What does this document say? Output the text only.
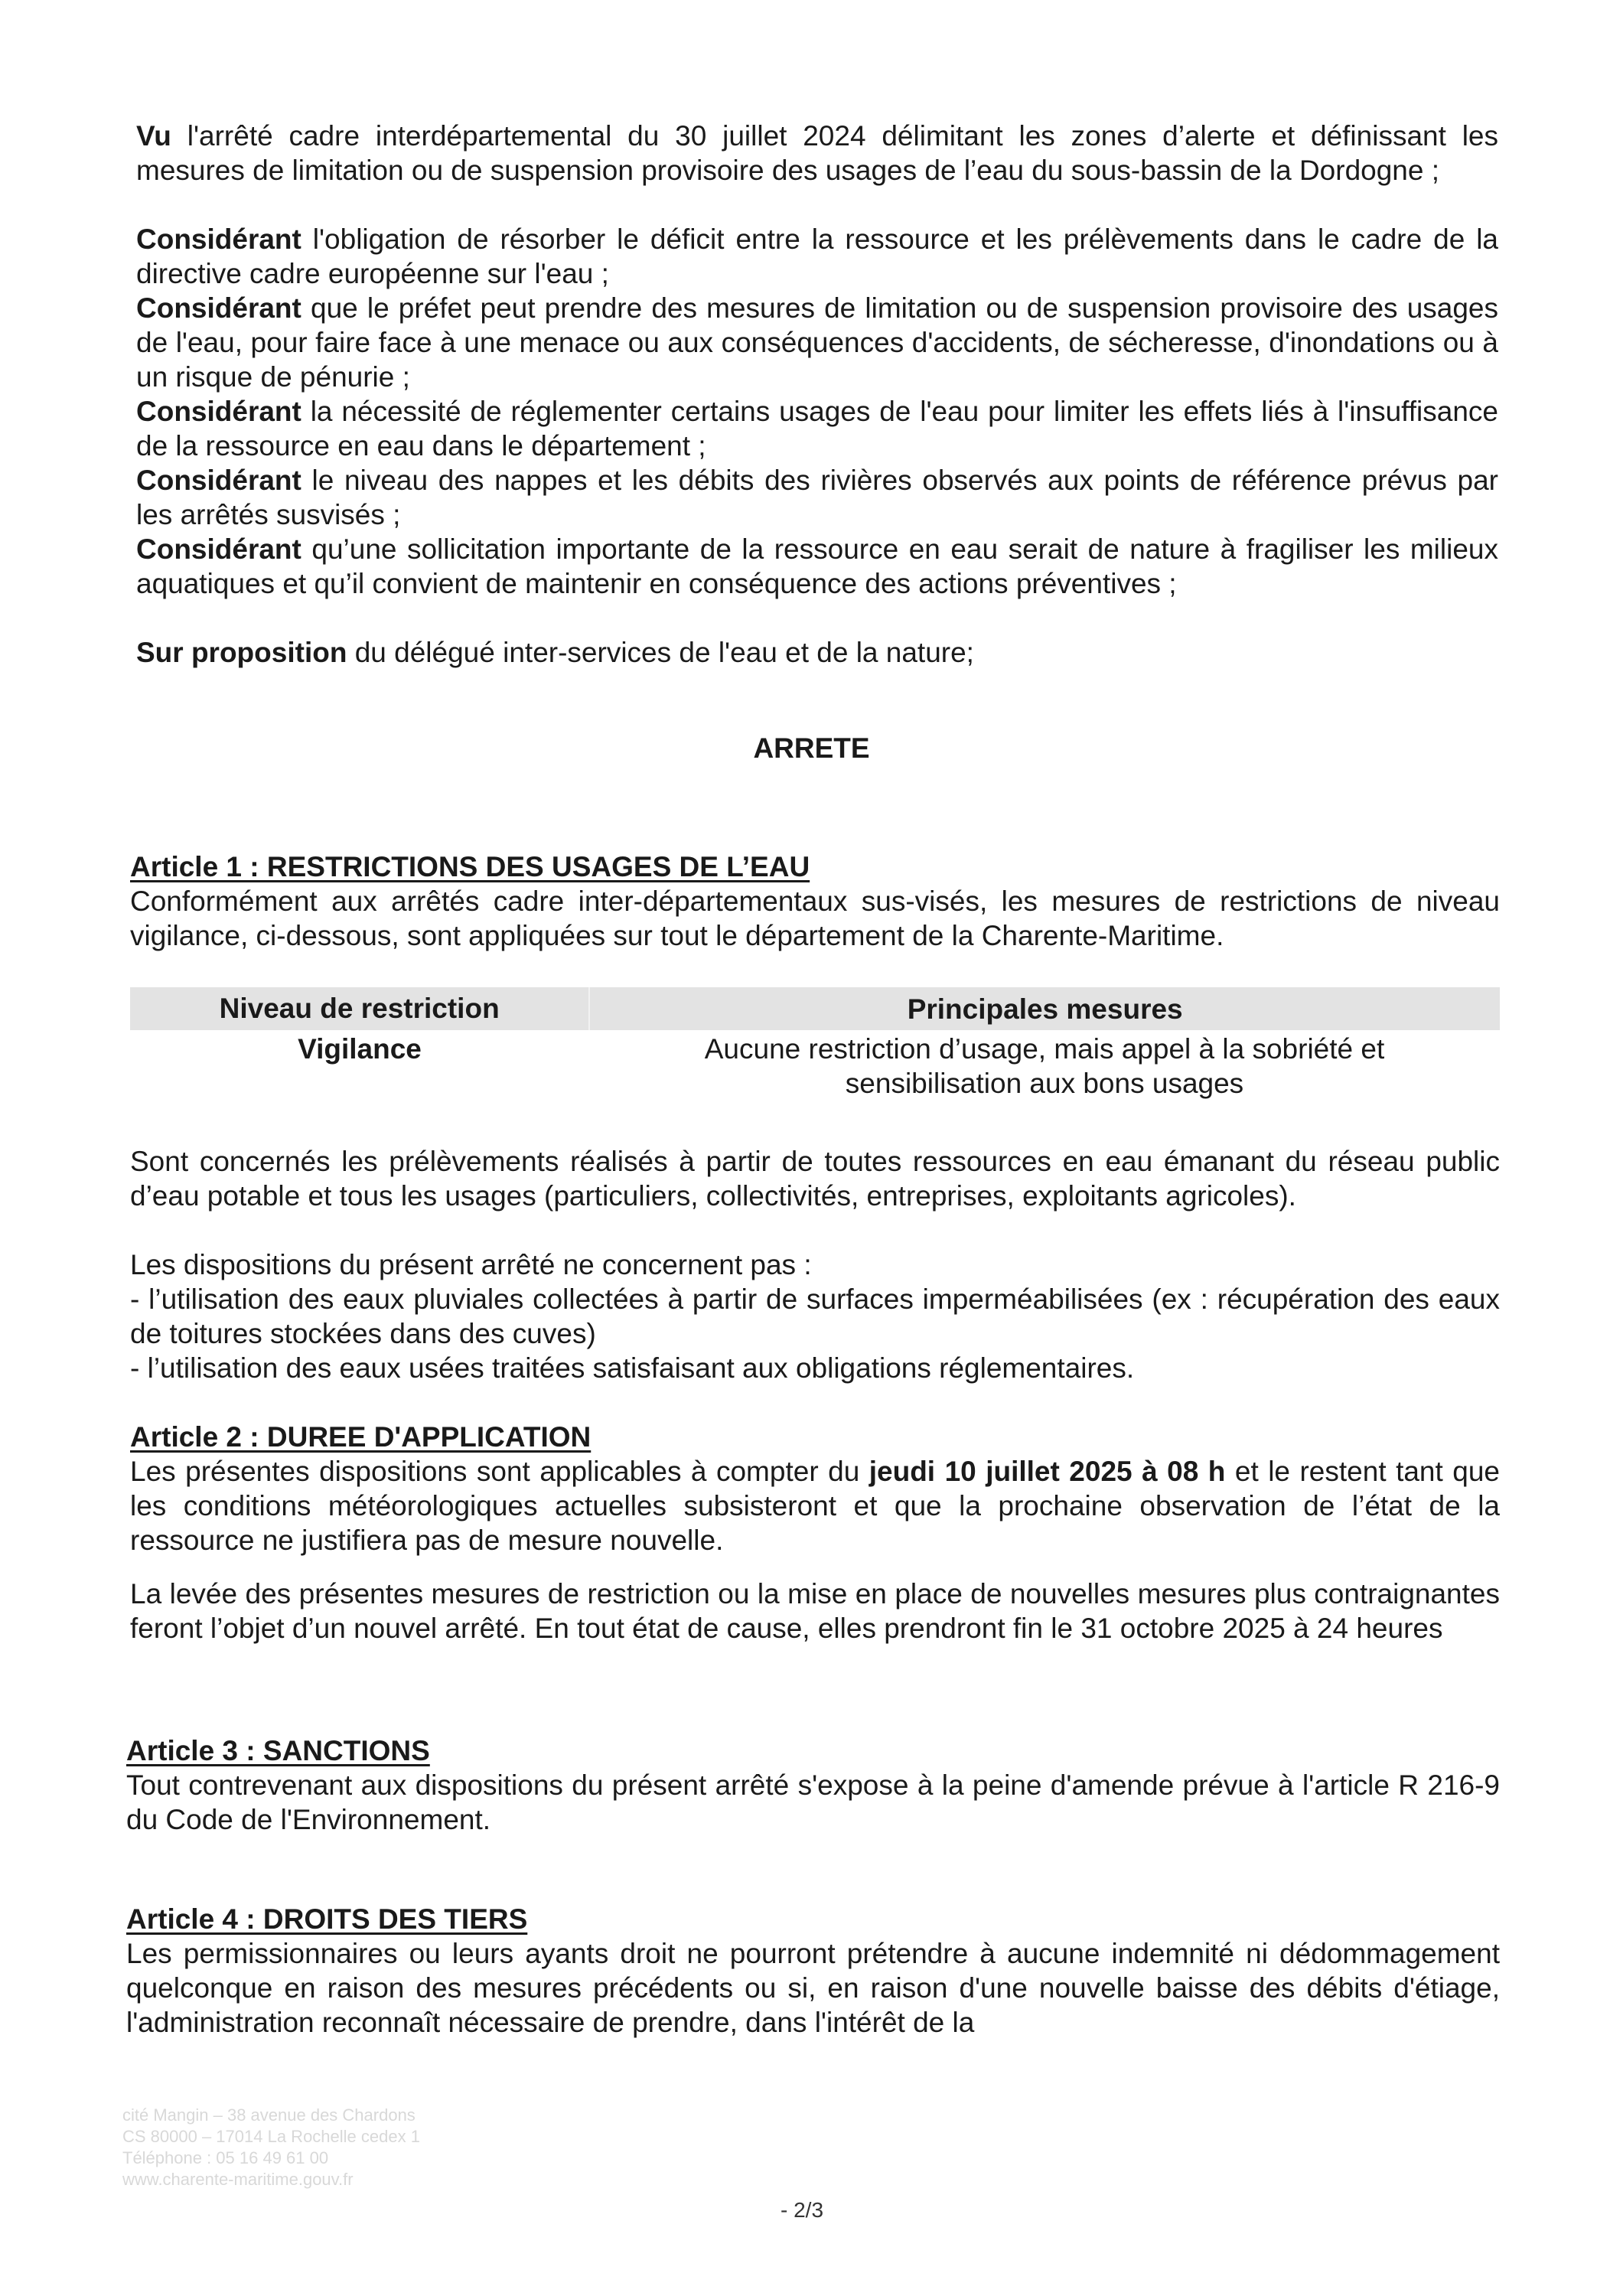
Vu l'arrêté cadre interdépartemental du 30 juillet 2024 délimitant les zones d’alerte et définissant les mesures de limitation ou de suspension provisoire des usages de l’eau du sous-bassin de la Dordogne ;

Considérant l'obligation de résorber le déficit entre la ressource et les prélèvements dans le cadre de la directive cadre européenne sur l'eau ;

Considérant que le préfet peut prendre des mesures de limitation ou de suspension provisoire des usages de l'eau, pour faire face à une menace ou aux conséquences d'accidents, de sécheresse, d'inondations ou à un risque de pénurie ;

Considérant la nécessité de réglementer certains usages de l'eau pour limiter les effets liés à l'insuffisance de la ressource en eau dans le département ;

Considérant le niveau des nappes et les débits des rivières observés aux points de référence prévus par les arrêtés susvisés ;

Considérant qu’une sollicitation importante de la ressource en eau serait de nature à fragiliser les milieux aquatiques et qu’il convient de maintenir en conséquence des actions préventives ;

Sur proposition du délégué inter-services de l'eau et de la nature;

ARRETE

Article 1 : RESTRICTIONS DES USAGES DE L’EAU

Conformément aux arrêtés cadre inter-départementaux sus-visés, les mesures de restrictions de niveau vigilance, ci-dessous, sont appliquées sur tout le département de la Charente-Maritime.

Niveau de restriction	Principales mesures
Vigilance	Aucune restriction d’usage, mais appel à la sobriété et
sensibilisation aux bons usages

Sont concernés les prélèvements réalisés à partir de toutes ressources en eau émanant du réseau public d’eau potable et tous les usages (particuliers, collectivités, entreprises, exploitants agricoles).

Les dispositions du présent arrêté ne concernent pas :

- l’utilisation des eaux pluviales collectées à partir de surfaces imperméabilisées (ex : récupération des eaux de toitures stockées dans des cuves)

- l’utilisation des eaux usées traitées satisfaisant aux obligations réglementaires.

Article 2 : DUREE D'APPLICATION

Les présentes dispositions sont applicables à compter du jeudi 10 juillet 2025 à 08 h et le restent tant que les conditions météorologiques actuelles subsisteront et que la prochaine observation de l’état de la ressource ne justifiera pas de mesure nouvelle.

La levée des présentes mesures de restriction ou la mise en place de nouvelles mesures plus contraignantes feront l’objet d’un nouvel arrêté. En tout état de cause, elles prendront fin le 31 octobre 2025 à 24 heures

Article 3 : SANCTIONS

Tout contrevenant aux dispositions du présent arrêté s'expose à la peine d'amende prévue à l'article R 216-9 du Code de l'Environnement.

Article 4 : DROITS DES TIERS

Les permissionnaires ou leurs ayants droit ne pourront prétendre à aucune indemnité ni dédommagement quelconque en raison des mesures précédents ou si, en raison d'une nouvelle baisse des débits d'étiage, l'administration reconnaît nécessaire de prendre, dans l'intérêt de la

cité Mangin – 38 avenue des Chardons
CS 80000 – 17014 La Rochelle cedex 1
Téléphone : 05 16 49 61 00
www.charente-maritime.gouv.fr

- 2/3
